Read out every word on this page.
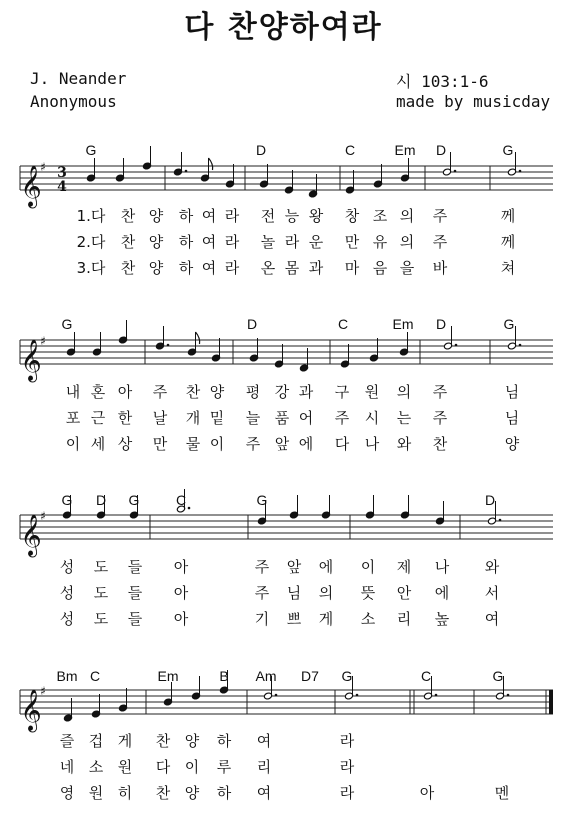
다 찬양하여라
J. Neander
Anonymous
시 103:1-6
made by musicday
𝄞
♯ 3
4
G	D	C	Em D	G
1.다 찬 양 하 여 라 전 능 왕 창 조 의 주	께
2.다 찬 양 하 여 라 놀 라 운 만 유 의 주	께
3.다 찬 양 하 여 라 온 몸 과 마 음 을 바	쳐
𝄞
♯
G	D	C	Em D	G
내 혼 아 주 찬 양 평 강 과 구 원 의 주	님
포 근 한 날 개 밑 늘 품 어 주 시 는 주	님
이 세 상 만 물 이 주 앞 에 다 나 와 찬	양
𝄞
♯
G D G	C	G	D
성 도 들 아	주 앞 에 이 제 나 와
성 도 들 아	주 님 의 뜻 안 에 서
성 도 들 아	기 쁘 게 소 리 높 여
𝄞
♯
Bm C	Em	B Am D7 G	C	G
즐 겁 게 찬 양 하 여	라
네 소 원 다 이 루 리	라
영 원 히 찬 양 하 여	라	아	멘
